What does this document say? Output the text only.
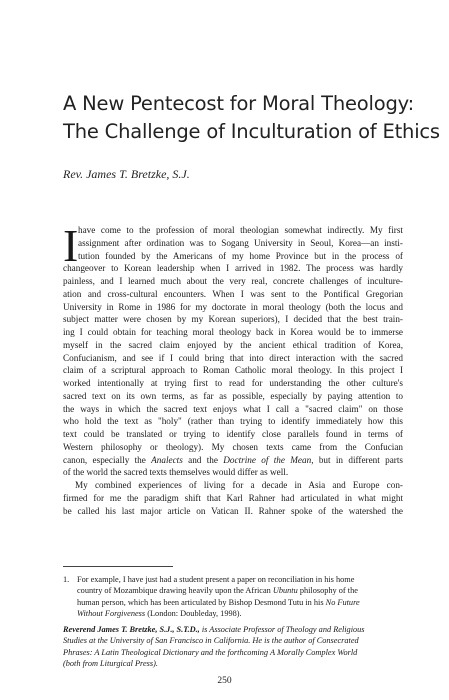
A New Pentecost for Moral Theology:
The Challenge of Inculturation of Ethics
Rev. James T. Bretzke, S.J.
I have come to the profession of moral theologian somewhat indirectly. My first
assignment after ordination was to Sogang University in Seoul, Korea—an insti-
tution founded by the Americans of my home Province but in the process of
changeover to Korean leadership when I arrived in 1982. The process was hardly
painless, and I learned much about the very real, concrete challenges of inculture-
ation and cross-cultural encounters. When I was sent to the Pontifical Gregorian
University in Rome in 1986 for my doctorate in moral theology (both the locus and
subject matter were chosen by my Korean superiors), I decided that the best train-
ing I could obtain for teaching moral theology back in Korea would be to immerse
myself in the sacred claim enjoyed by the ancient ethical tradition of Korea,
Confucianism, and see if I could bring that into direct interaction with the sacred
claim of a scriptural approach to Roman Catholic moral theology. In this project I
worked intentionally at trying first to read for understanding the other culture's
sacred text on its own terms, as far as possible, especially by paying attention to
the ways in which the sacred text enjoys what I call a "sacred claim" on those
who hold the text as "holy" (rather than trying to identify immediately how this
text could be translated or trying to identify close parallels found in terms of
Western philosophy or theology). My chosen texts came from the Confucian
canon, especially the Analects and the Doctrine of the Mean, but in different parts
of the world the sacred texts themselves would differ as well.
My combined experiences of living for a decade in Asia and Europe con-
firmed for me the paradigm shift that Karl Rahner had articulated in what might
be called his last major article on Vatican II. Rahner spoke of the watershed the
1. For example, I have just had a student present a paper on reconciliation in his home
country of Mozambique drawing heavily upon the African Ubuntu philosophy of the
human person, which has been articulated by Bishop Desmond Tutu in his No Future
Without Forgiveness (London: Doubleday, 1998).
Reverend James T. Bretzke, S.J., S.T.D., is Associate Professor of Theology and Religious
Studies at the University of San Francisco in California. He is the author of Consecrated
Phrases: A Latin Theological Dictionary and the forthcoming A Morally Complex World
(both from Liturgical Press).
250
